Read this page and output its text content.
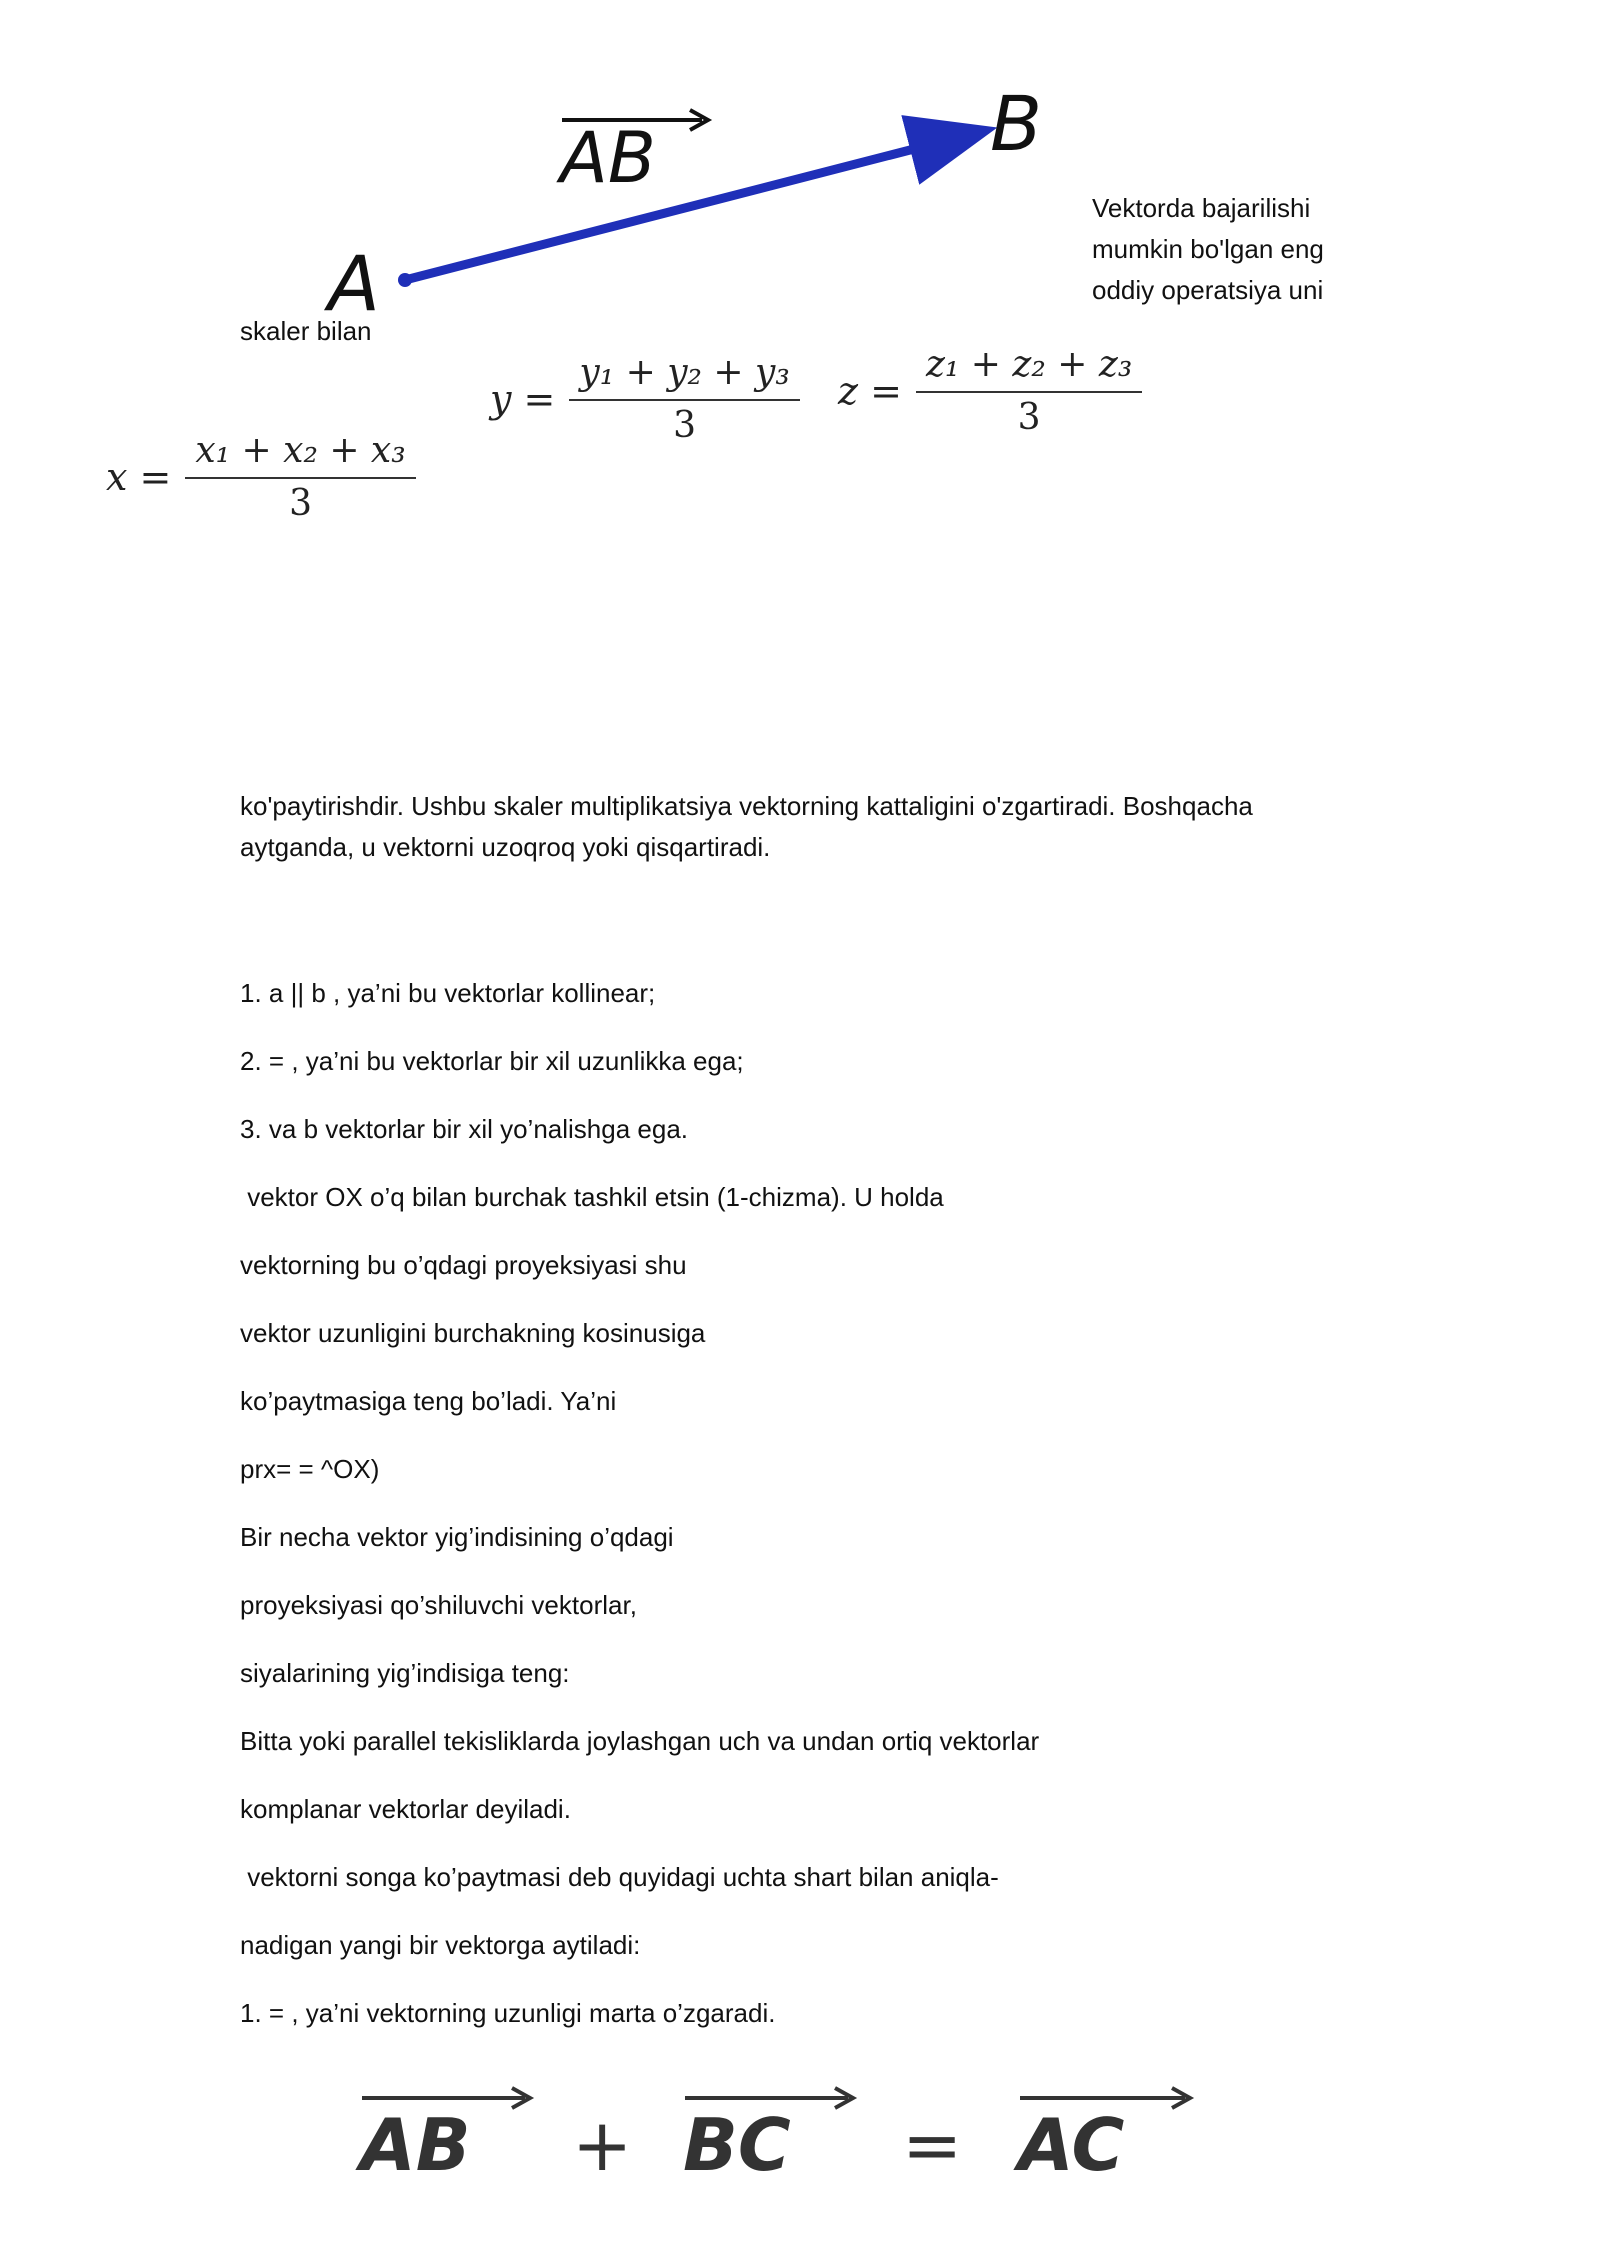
A
B
AB
Vektorda bajarilishi mumkin bo'lgan eng oddiy operatsiya uni
skaler bilan
$x = \frac{\text{x₁ + x₂ + x₃}}{3}$
$y = \frac{\text{y₁ + y₂ + y₃}}{3}$ $z = \frac{\text{z₁ + z₂ + z₃}}{3}$
ko'paytirishdir. Ushbu skaler multiplikatsiya vektorning kattaligini o'zgartiradi. Boshqacha aytganda, u vektorni uzoqroq yoki qisqartiradi.
1. a || b , ya’ni bu vektorlar kollinear;
2. = , ya’ni bu vektorlar bir xil uzunlikka ega;
3. va b vektorlar bir xil yo’nalishga ega.
vektor OX o’q bilan burchak tashkil etsin (1-chizma). U holda
vektorning bu o’qdagi proyeksiyasi shu
vektor uzunligini burchakning kosinusiga
ko’paytmasiga teng bo’ladi. Ya’ni
prx= = ^OX)
Bir necha vektor yig’indisining o’qdagi
proyeksiyasi qo’shiluvchi vektorlar,
siyalarining yig’indisiga teng:
Bitta yoki parallel tekisliklarda joylashgan uch va undan ortiq vektorlar
komplanar vektorlar deyiladi.
vektorni songa ko’paytmasi deb quyidagi uchta shart bilan aniqla-
nadigan yangi bir vektorga aytiladi:
1. = , ya’ni vektorning uzunligi marta o’zgaradi.
AB + BC = AC
